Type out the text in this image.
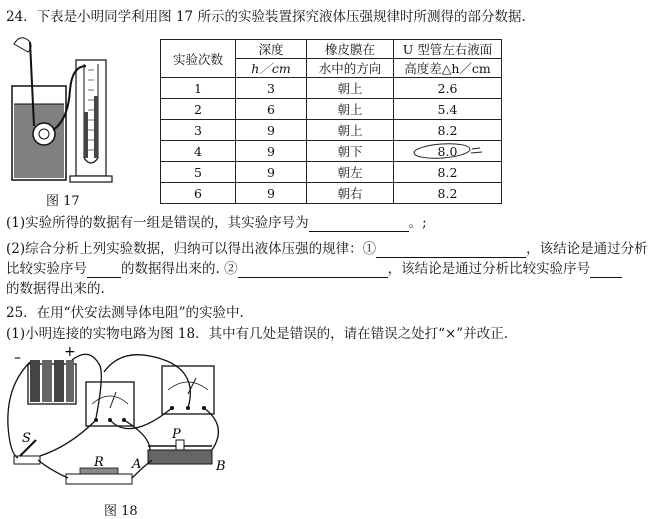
24．下表是小明同学利用图 17 所示的实验装置探究液体压强规律时所测得的部分数据.
图 17
实验次数	深度	橡皮膜在	U 型管左右液面
	h／cm	水中的方向	高度差△h／cm
1	3	朝上	2.6
2	6	朝上	5.4
3	9	朝上	8.2
4	9	朝下	8.0

5	9	朝左	8.2
6	9	朝右	8.2
(1)实验所得的数据有一组是错误的，其实验序号为	。;
(2)综合分析上列实验数据，归纳可以得出液体压强的规律：①	，该结论是通过分析
比较实验序号	的数据得出来的. ②	，该结论是通过分析比较实验序号
的数据得出来的.
25．在用“伏安法测导体电阻”的实验中.
(1)小明连接的实物电路为图 18．其中有几处是错误的，请在错误之处打“×”并改正.
–	+
S
R
P
A	B
图 18
